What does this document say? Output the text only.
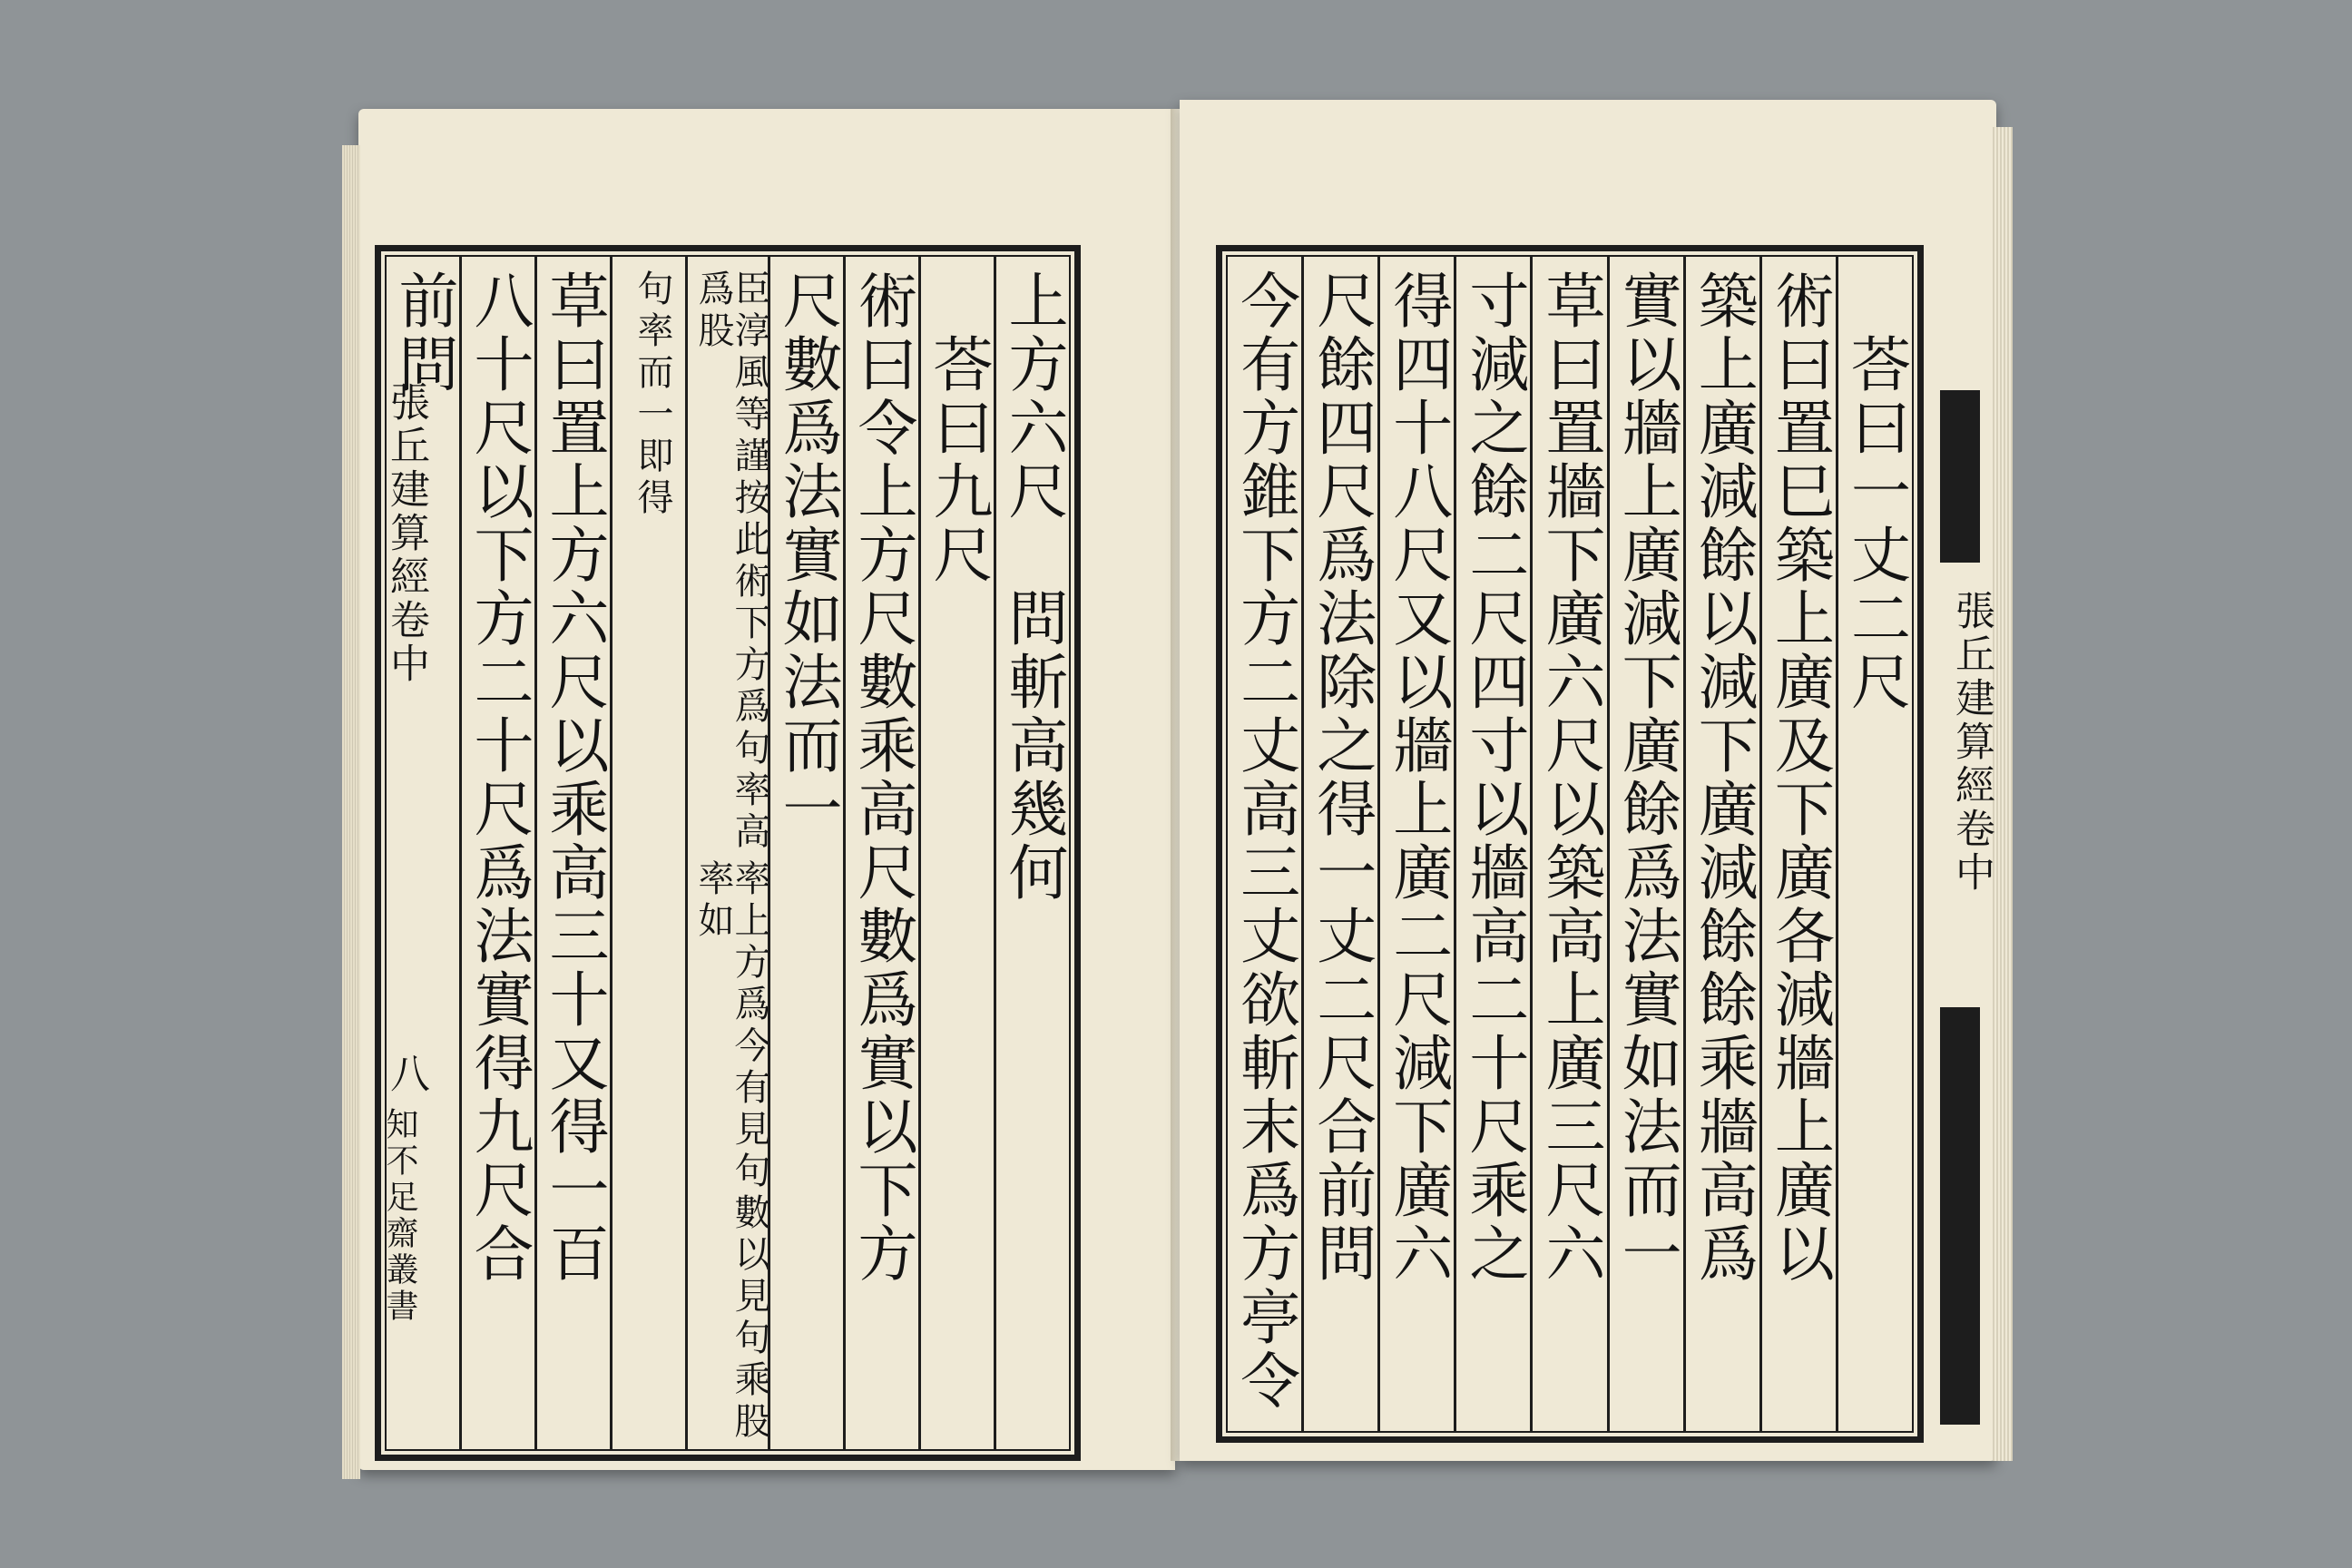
上方六尺　問斬高幾何
　荅曰九尺
術曰令上方尺數乘高尺數爲實以下方
尺數爲法實如法而一
臣淳風等謹按此術下方爲句率高爲股
率上方爲今有見句數以見句乘股率如
句率而
一即得
草曰置上方六尺以乘高三十又得一百
八十尺以下方二十尺爲法實得九尺合
前問
張丘建算經卷中
八
知不足齋叢書
　荅曰一丈二尺
術曰置巳築上廣及下廣各減牆上廣以
築上廣減餘以減下廣減餘餘乘牆高爲
實以牆上廣減下廣餘爲法實如法而一
草曰置牆下廣六尺以築高上廣三尺六
寸減之餘二尺四寸以牆高二十尺乘之
得四十八尺又以牆上廣二尺減下廣六
尺餘四尺爲法除之得一丈二尺合前問
今有方錐下方二丈高三丈欲斬末爲方亭令	張丘建算經卷中
